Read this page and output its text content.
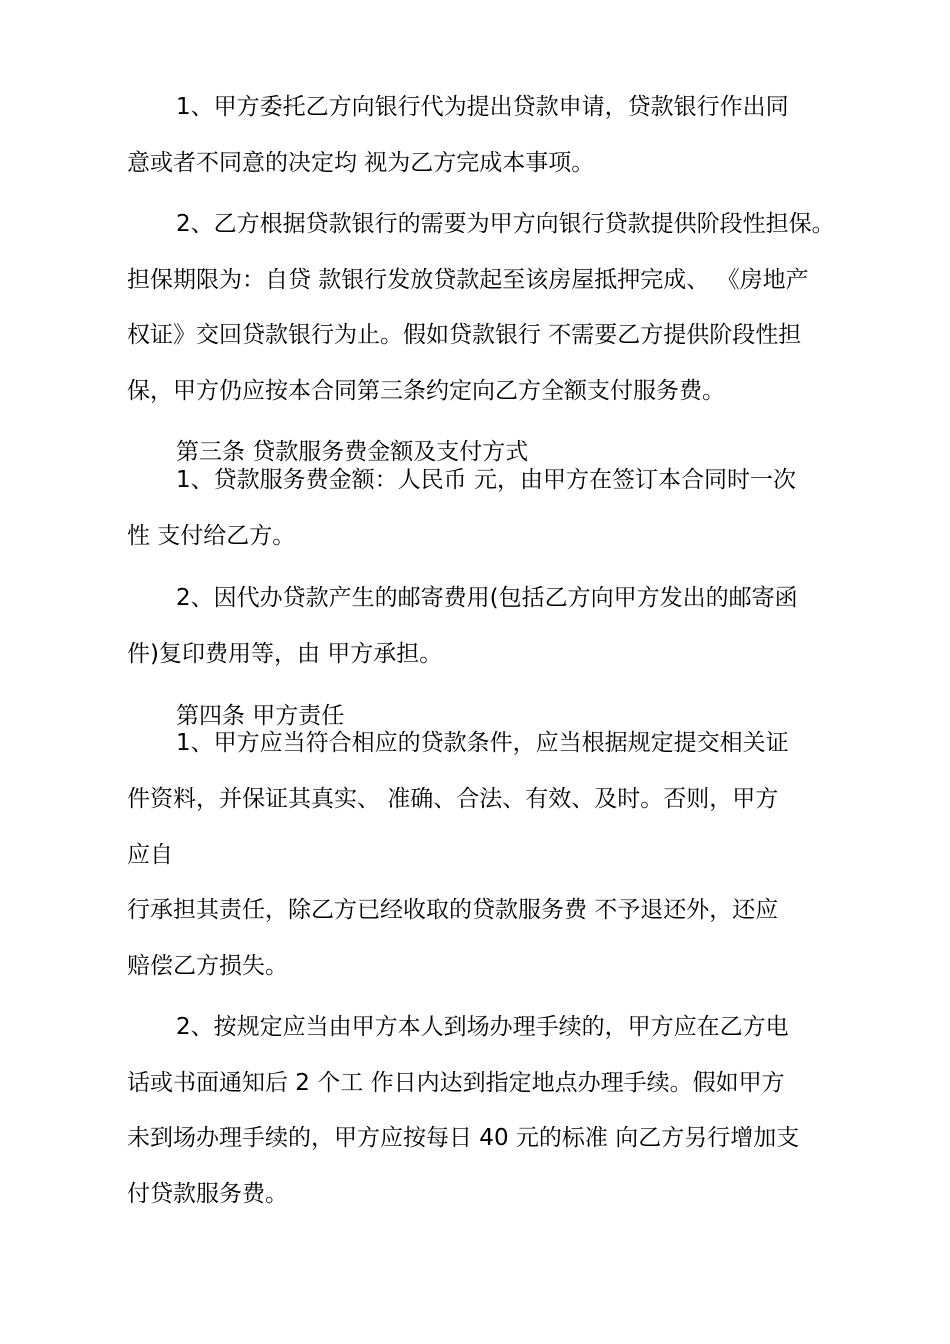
1、甲方委托乙方向银行代为提出贷款申请，贷款银行作出同

意或者不同意的决定均 视为乙方完成本事项。

2、乙方根据贷款银行的需要为甲方向银行贷款提供阶段性担保。

担保期限为：自贷 款银行发放贷款起至该房屋抵押完成、 《房地产

权证》交回贷款银行为止。假如贷款银行 不需要乙方提供阶段性担

保，甲方仍应按本合同第三条约定向乙方全额支付服务费。

第三条 贷款服务费金额及支付方式

1、贷款服务费金额：人民币 元，由甲方在签订本合同时一次

性 支付给乙方。

2、因代办贷款产生的邮寄费用(包括乙方向甲方发出的邮寄函

件)复印费用等，由 甲方承担。

第四条 甲方责任

1、甲方应当符合相应的贷款条件，应当根据规定提交相关证

件资料，并保证其真实、 准确、合法、有效、及时。否则，甲方

应自

行承担其责任，除乙方已经收取的贷款服务费 不予退还外，还应

赔偿乙方损失。

2、按规定应当由甲方本人到场办理手续的，甲方应在乙方电

话或书面通知后 2 个工 作日内达到指定地点办理手续。假如甲方

未到场办理手续的，甲方应按每日 40 元的标准 向乙方另行增加支

付贷款服务费。
